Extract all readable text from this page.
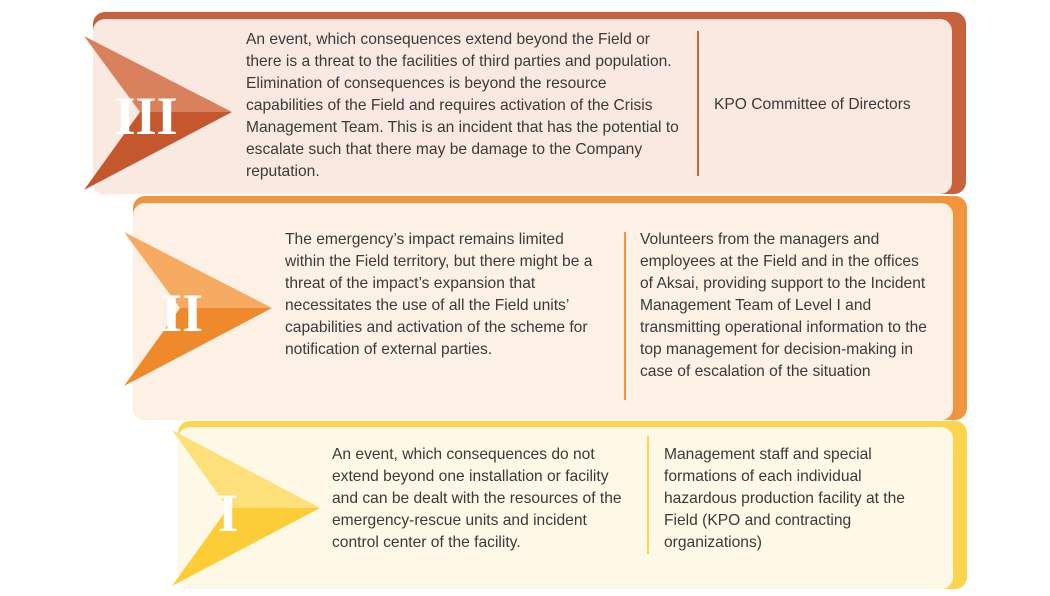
III
An event, which consequences extend beyond the Field or there is a threat to the facilities of third parties and population. Elimination of consequences is beyond the resource capabilities of the Field and requires activation of the Crisis Management Team. This is an incident that has the potential to escalate such that there may be damage to the Company reputation.
KPO Committee of Directors
II
The emergency’s impact remains limited within the Field territory, but there might be a threat of the impact’s expansion that necessitates the use of all the Field units’ capabilities and activation of the scheme for notification of external parties.
Volunteers from the managers and employees at the Field and in the offices of Aksai, providing support to the Incident Management Team of Level I and transmitting operational information to the top management for decision-making in case of escalation of the situation
I
An event, which consequences do not extend beyond one installation or facility and can be dealt with the resources of the emergency-rescue units and incident control center of the facility.
Management staff and special formations of each individual hazardous production facility at the Field (KPO and contracting organizations)
